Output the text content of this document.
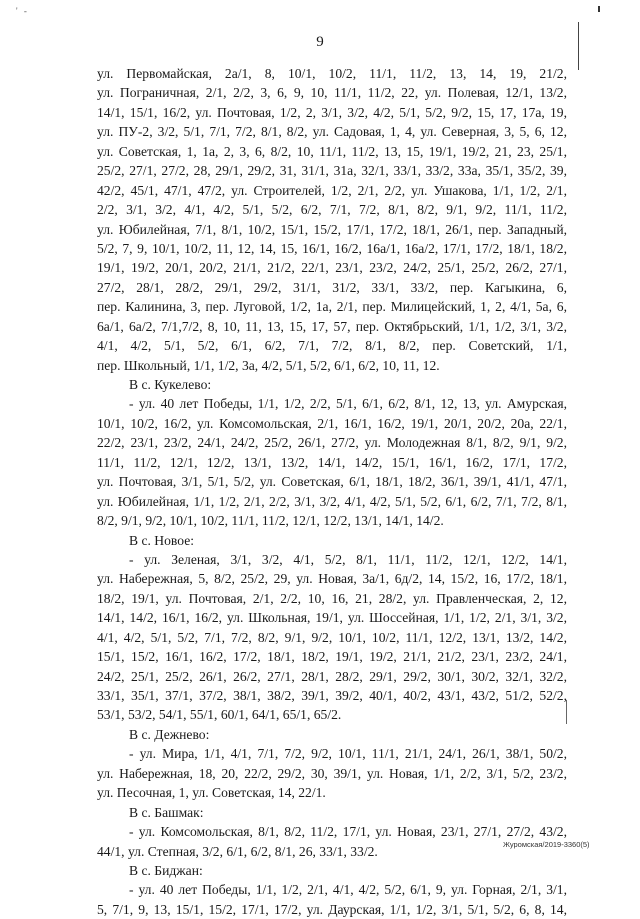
' -
9
ул. Первомайская, 2а/1, 8, 10/1, 10/2, 11/1, 11/2, 13, 14, 19, 21/2,
ул. Пограничная, 2/1, 2/2, 3, 6, 9, 10, 11/1, 11/2, 22, ул. Полевая, 12/1, 13/2,
14/1, 15/1, 16/2, ул. Почтовая, 1/2, 2, 3/1, 3/2, 4/2, 5/1, 5/2, 9/2, 15, 17, 17а, 19,
ул. ПУ-2, 3/2, 5/1, 7/1, 7/2, 8/1, 8/2, ул. Садовая, 1, 4, ул. Северная, 3, 5, 6, 12,
ул. Советская, 1, 1а, 2, 3, 6, 8/2, 10, 11/1, 11/2, 13, 15, 19/1, 19/2, 21, 23, 25/1,
25/2, 27/1, 27/2, 28, 29/1, 29/2, 31, 31/1, 31а, 32/1, 33/1, 33/2, 33а, 35/1, 35/2, 39,
42/2, 45/1, 47/1, 47/2, ул. Строителей, 1/2, 2/1, 2/2, ул. Ушакова, 1/1, 1/2, 2/1,
2/2, 3/1, 3/2, 4/1, 4/2, 5/1, 5/2, 6/2, 7/1, 7/2, 8/1, 8/2, 9/1, 9/2, 11/1, 11/2,
ул. Юбилейная, 7/1, 8/1, 10/2, 15/1, 15/2, 17/1, 17/2, 18/1, 26/1, пер. Западный,
5/2, 7, 9, 10/1, 10/2, 11, 12, 14, 15, 16/1, 16/2, 16а/1, 16а/2, 17/1, 17/2, 18/1, 18/2,
19/1, 19/2, 20/1, 20/2, 21/1, 21/2, 22/1, 23/1, 23/2, 24/2, 25/1, 25/2, 26/2, 27/1,
27/2, 28/1, 28/2, 29/1, 29/2, 31/1, 31/2, 33/1, 33/2, пер. Кагыкина, 6,
пер. Калинина, 3, пер. Луговой, 1/2, 1а, 2/1, пер. Милицейский, 1, 2, 4/1, 5а, 6,
6а/1, 6а/2, 7/1,7/2, 8, 10, 11, 13, 15, 17, 57, пер. Октябрьский, 1/1, 1/2, 3/1, 3/2,
4/1, 4/2, 5/1, 5/2, 6/1, 6/2, 7/1, 7/2, 8/1, 8/2, пер. Советский, 1/1,
пер. Школьный, 1/1, 1/2, 3а, 4/2, 5/1, 5/2, 6/1, 6/2, 10, 11, 12.
В с. Кукелево:
- ул. 40 лет Победы, 1/1, 1/2, 2/2, 5/1, 6/1, 6/2, 8/1, 12, 13, ул. Амурская,
10/1, 10/2, 16/2, ул. Комсомольская, 2/1, 16/1, 16/2, 19/1, 20/1, 20/2, 20а, 22/1,
22/2, 23/1, 23/2, 24/1, 24/2, 25/2, 26/1, 27/2, ул. Молодежная 8/1, 8/2, 9/1, 9/2,
11/1, 11/2, 12/1, 12/2, 13/1, 13/2, 14/1, 14/2, 15/1, 16/1, 16/2, 17/1, 17/2,
ул. Почтовая, 3/1, 5/1, 5/2, ул. Советская, 6/1, 18/1, 18/2, 36/1, 39/1, 41/1, 47/1,
ул. Юбилейная, 1/1, 1/2, 2/1, 2/2, 3/1, 3/2, 4/1, 4/2, 5/1, 5/2, 6/1, 6/2, 7/1, 7/2, 8/1,
8/2, 9/1, 9/2, 10/1, 10/2, 11/1, 11/2, 12/1, 12/2, 13/1, 14/1, 14/2.
В с. Новое:
- ул. Зеленая, 3/1, 3/2, 4/1, 5/2, 8/1, 11/1, 11/2, 12/1, 12/2, 14/1,
ул. Набережная, 5, 8/2, 25/2, 29, ул. Новая, 3а/1, 6д/2, 14, 15/2, 16, 17/2, 18/1,
18/2, 19/1, ул. Почтовая, 2/1, 2/2, 10, 16, 21, 28/2, ул. Правленческая, 2, 12,
14/1, 14/2, 16/1, 16/2, ул. Школьная, 19/1, ул. Шоссейная, 1/1, 1/2, 2/1, 3/1, 3/2,
4/1, 4/2, 5/1, 5/2, 7/1, 7/2, 8/2, 9/1, 9/2, 10/1, 10/2, 11/1, 12/2, 13/1, 13/2, 14/2,
15/1, 15/2, 16/1, 16/2, 17/2, 18/1, 18/2, 19/1, 19/2, 21/1, 21/2, 23/1, 23/2, 24/1,
24/2, 25/1, 25/2, 26/1, 26/2, 27/1, 28/1, 28/2, 29/1, 29/2, 30/1, 30/2, 32/1, 32/2,
33/1, 35/1, 37/1, 37/2, 38/1, 38/2, 39/1, 39/2, 40/1, 40/2, 43/1, 43/2, 51/2, 52/2,
53/1, 53/2, 54/1, 55/1, 60/1, 64/1, 65/1, 65/2.
В с. Дежнево:
- ул. Мира, 1/1, 4/1, 7/1, 7/2, 9/2, 10/1, 11/1, 21/1, 24/1, 26/1, 38/1, 50/2,
ул. Набережная, 18, 20, 22/2, 29/2, 30, 39/1, ул. Новая, 1/1, 2/2, 3/1, 5/2, 23/2,
ул. Песочная, 1, ул. Советская, 14, 22/1.
В с. Башмак:
- ул. Комсомольская, 8/1, 8/2, 11/2, 17/1, ул. Новая, 23/1, 27/1, 27/2, 43/2,
44/1, ул. Степная, 3/2, 6/1, 6/2, 8/1, 26, 33/1, 33/2.
В с. Биджан:
- ул. 40 лет Победы, 1/1, 1/2, 2/1, 4/1, 4/2, 5/2, 6/1, 9, ул. Горная, 2/1, 3/1,
5, 7/1, 9, 13, 15/1, 15/2, 17/1, 17/2, ул. Даурская, 1/1, 1/2, 3/1, 5/1, 5/2, 6, 8, 14,
Журомская/2019-3360(5)
